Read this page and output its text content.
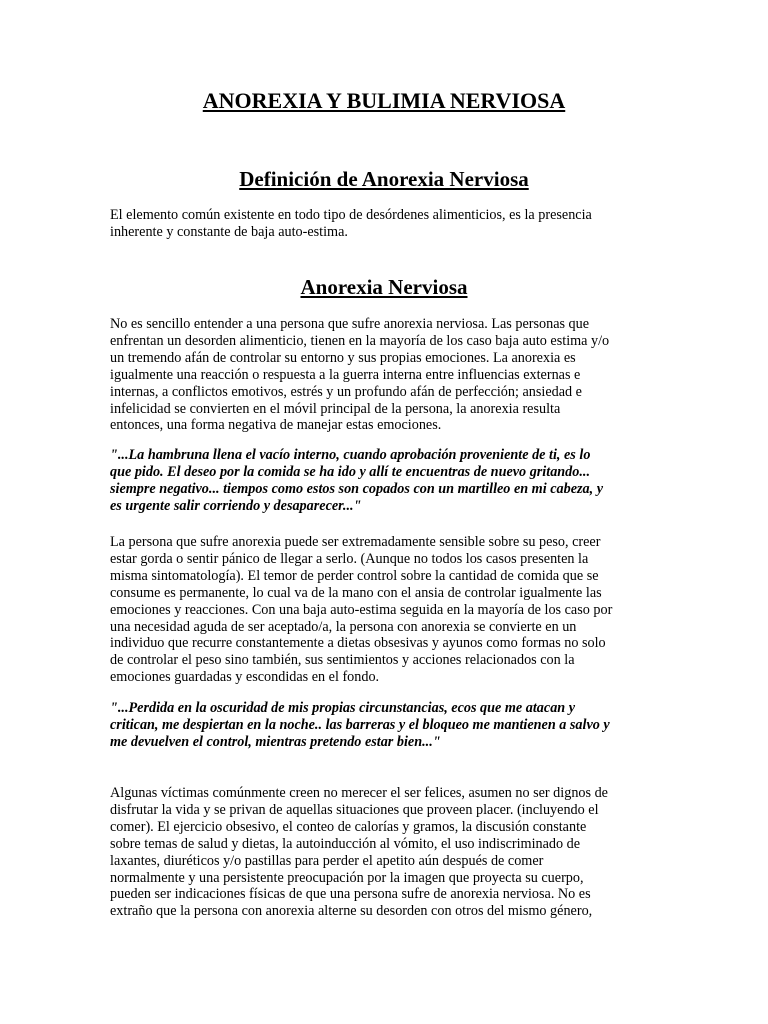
ANOREXIA Y BULIMIA NERVIOSA
Definición de Anorexia Nerviosa

El elemento común existente en todo tipo de desórdenes alimenticios, es la presencia
inherente y constante de baja auto-estima.

Anorexia Nerviosa

No es sencillo entender a una persona que sufre anorexia nerviosa. Las personas que
enfrentan un desorden alimenticio, tienen en la mayoría de los caso baja auto estima y/o
un tremendo afán de controlar su entorno y sus propias emociones. La anorexia es
igualmente una reacción o respuesta a la guerra interna entre influencias externas e
internas, a conflictos emotivos, estrés y un profundo afán de perfección; ansiedad e
infelicidad se convierten en el móvil principal de la persona, la anorexia resulta
entonces, una forma negativa de manejar estas emociones.

"...La hambruna llena el vacío interno, cuando aprobación proveniente de ti, es lo
que pido. El deseo por la comida se ha ido y allí te encuentras de nuevo gritando...
siempre negativo... tiempos como estos son copados con un martilleo en mi cabeza, y
es urgente salir corriendo y desaparecer..."

La persona que sufre anorexia puede ser extremadamente sensible sobre su peso, creer
estar gorda o sentir pánico de llegar a serlo. (Aunque no todos los casos presenten la
misma sintomatología). El temor de perder control sobre la cantidad de comida que se
consume es permanente, lo cual va de la mano con el ansia de controlar igualmente las
emociones y reacciones. Con una baja auto-estima seguida en la mayoría de los caso por
una necesidad aguda de ser aceptado/a, la persona con anorexia se convierte en un
individuo que recurre constantemente a dietas obsesivas y ayunos como formas no solo
de controlar el peso sino también, sus sentimientos y acciones relacionados con la
emociones guardadas y escondidas en el fondo.

"...Perdida en la oscuridad de mis propias circunstancias, ecos que me atacan y
critican, me despiertan en la noche.. las barreras y el bloqueo me mantienen a salvo y
me devuelven el control, mientras pretendo estar bien..."

Algunas víctimas comúnmente creen no merecer el ser felices, asumen no ser dignos de
disfrutar la vida y se privan de aquellas situaciones que proveen placer. (incluyendo el
comer). El ejercicio obsesivo, el conteo de calorías y gramos, la discusión constante
sobre temas de salud y dietas, la autoinducción al vómito, el uso indiscriminado de
laxantes, diuréticos y/o pastillas para perder el apetito aún después de comer
normalmente y una persistente preocupación por la imagen que proyecta su cuerpo,
pueden ser indicaciones físicas de que una persona sufre de anorexia nerviosa. No es
extraño que la persona con anorexia alterne su desorden con otros del mismo género,
